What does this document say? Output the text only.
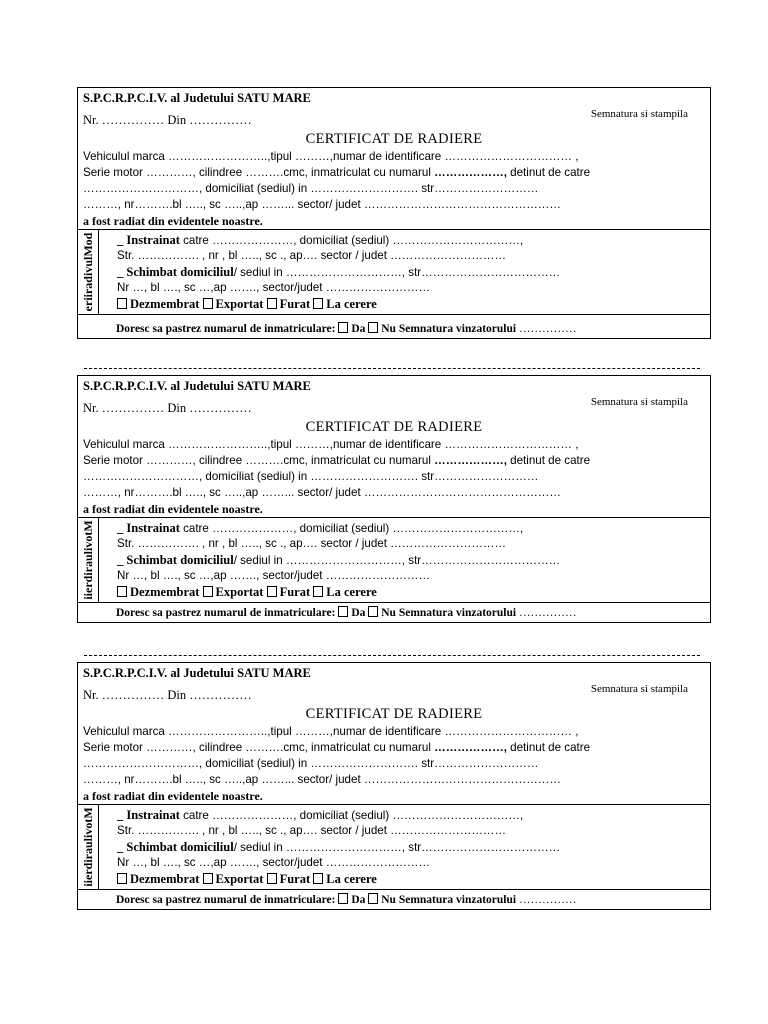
S.P.C.R.P.C.I.V. al Judetului SATU MARE
Semnatura si stampila
Nr. …………… Din ……………
CERTIFICAT DE RADIERE
Vehiculul marca ……………………..,tipul ………,numar de identificare …………………………… ,
Serie motor …………, cilindree ……….cmc, inmatriculat cu numarul ………………, detinut de catre
…………………………, domiciliat (sediul) in ………………………. str………………………
………, nr……….bl ….., sc …..,ap ……... sector/ judet ……………………………………………
a fost radiat din evidentele noastre.
eriiradivulMod _ Instrainat catre …………………, domiciliat (sediul) ……………………………,
Str. ……………. , nr , bl ….., sc ., ap…. sector / judet …………………………
_ Schimbat domiciliul/ sediul in …………………………, str………………………………
Nr …, bl …., sc …,ap ……., sector/judet ………………………
Dezmembrat Exportat Furat La cerere
Doresc sa pastrez numarul de inmatriculare: Da Nu Semnatura vinzatorului ……………
S.P.C.R.P.C.I.V. al Judetului SATU MARE
Semnatura si stampila
Nr. …………… Din ……………
CERTIFICAT DE RADIERE
Vehiculul marca ……………………..,tipul ………,numar de identificare …………………………… ,
Serie motor …………, cilindree ……….cmc, inmatriculat cu numarul ………………, detinut de catre
…………………………, domiciliat (sediul) in ………………………. str………………………
………, nr……….bl ….., sc …..,ap ……... sector/ judet ……………………………………………
a fost radiat din evidentele noastre.
iierdiraulivotM _ Instrainat catre …………………, domiciliat (sediul) ……………………………,
Str. ……………. , nr , bl ….., sc ., ap…. sector / judet …………………………
_ Schimbat domiciliul/ sediul in …………………………, str………………………………
Nr …, bl …., sc …,ap ……., sector/judet ………………………
Dezmembrat Exportat Furat La cerere
Doresc sa pastrez numarul de inmatriculare: Da Nu Semnatura vinzatorului ……………
S.P.C.R.P.C.I.V. al Judetului SATU MARE
Semnatura si stampila
Nr. …………… Din ……………
CERTIFICAT DE RADIERE
Vehiculul marca ……………………..,tipul ………,numar de identificare …………………………… ,
Serie motor …………, cilindree ……….cmc, inmatriculat cu numarul ………………, detinut de catre
…………………………, domiciliat (sediul) in ………………………. str………………………
………, nr……….bl ….., sc …..,ap ……... sector/ judet ……………………………………………
a fost radiat din evidentele noastre.
iierdiraulivotM _ Instrainat catre …………………, domiciliat (sediul) ……………………………,
Str. ……………. , nr , bl ….., sc ., ap…. sector / judet …………………………
_ Schimbat domiciliul/ sediul in …………………………, str………………………………
Nr …, bl …., sc …,ap ……., sector/judet ………………………
Dezmembrat Exportat Furat La cerere
Doresc sa pastrez numarul de inmatriculare: Da Nu Semnatura vinzatorului ……………
